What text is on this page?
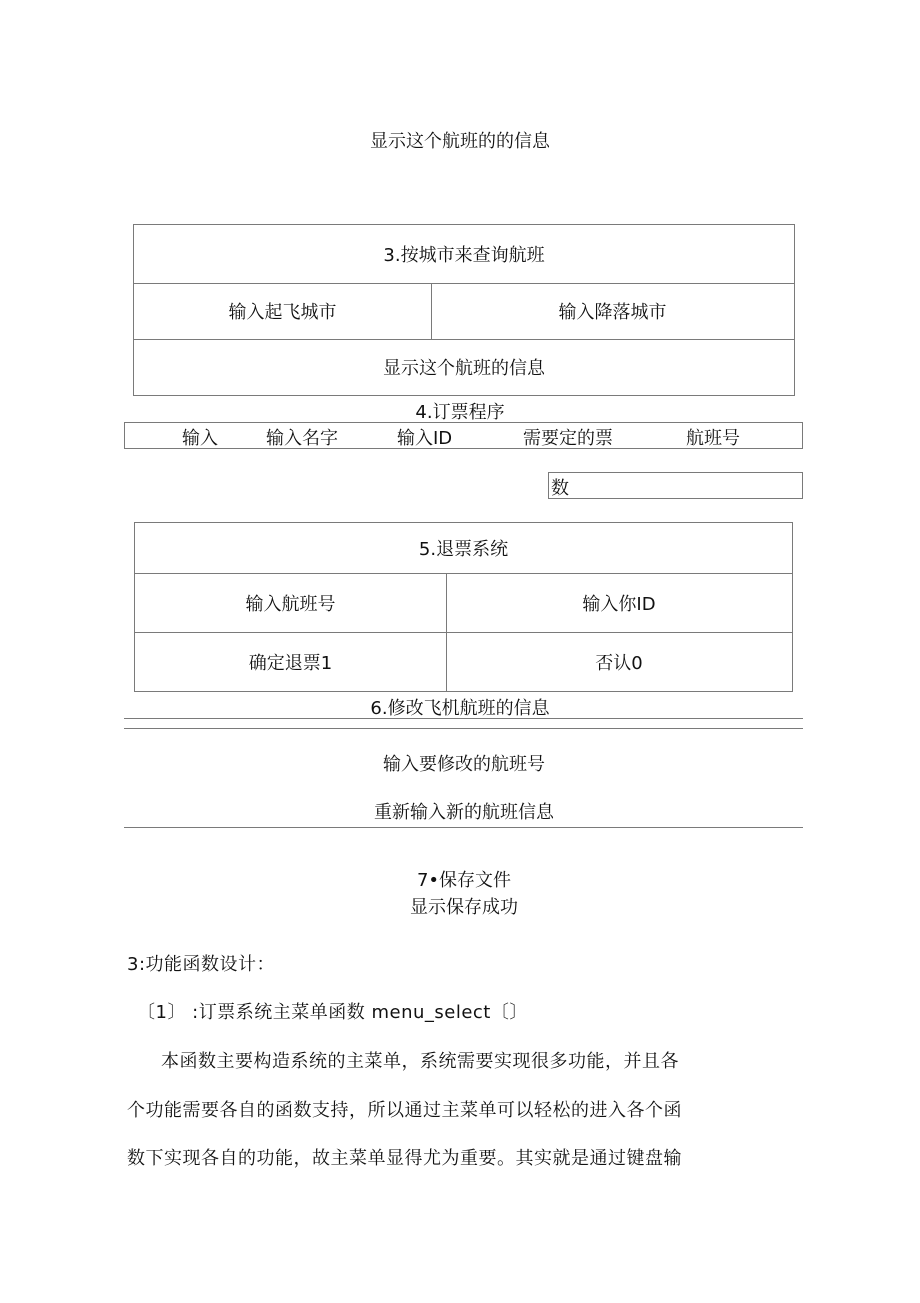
显示这个航班的的信息
3.按城市来查询航班
输入起飞城市	输入降落城市
显示这个航班的信息
4.订票程序
输入	输入名字	输入ID	需要定的票	航班号
数
5.退票系统
输入航班号	输入你ID
确定退票1	否认0
6.修改飞机航班的信息
输入要修改的航班号
重新输入新的航班信息
7•保存文件
显示保存成功
3:功能函数设计：
〔1〕 :订票系统主菜单函数 menu_select〔〕
本函数主要构造系统的主菜单，系统需要实现很多功能，并且各
个功能需要各自的函数支持，所以通过主菜单可以轻松的进入各个函
数下实现各自的功能，故主菜单显得尤为重要。其实就是通过键盘输
